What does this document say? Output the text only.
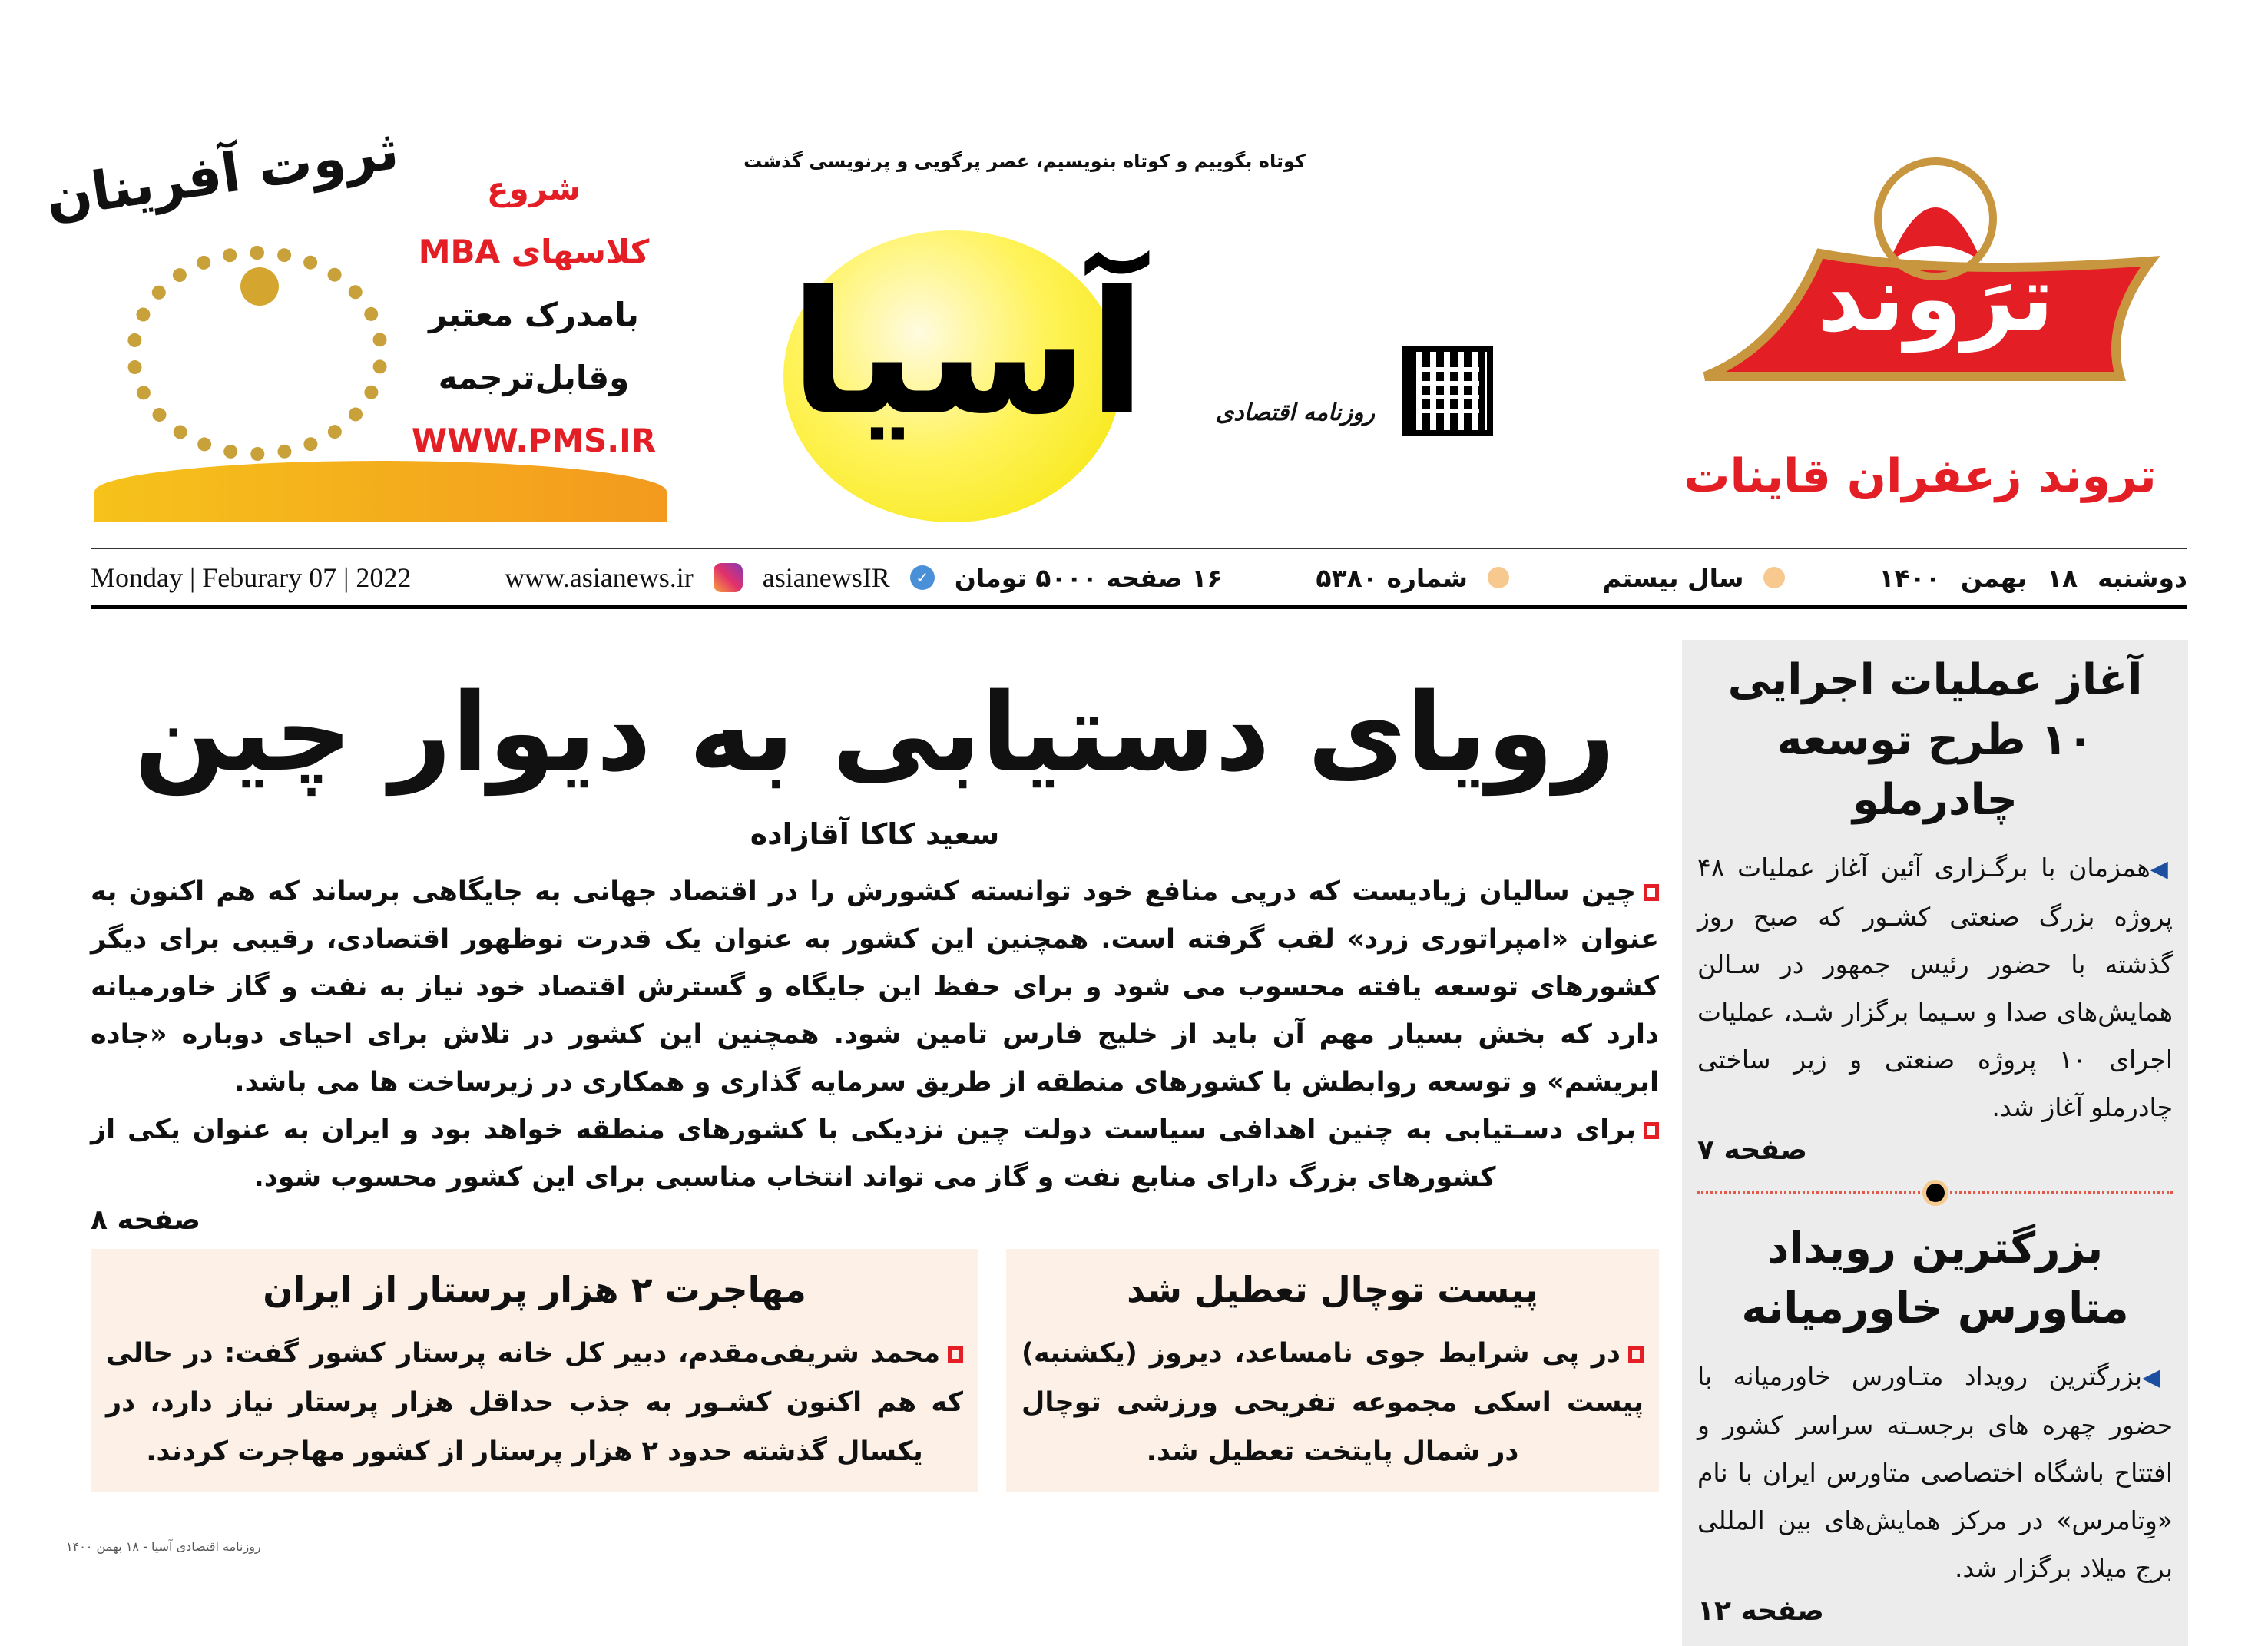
ترَوند
تروند زعفران قاینات
آسیا
کوتاه بگوییم و کوتاه بنویسیم، عصر پرگویی و پرنویسی گذشت
روزنامه اقتصادی
ثروت آفرینان	شروع
کلاسهای MBA
بامدرک معتبر
وقابل‌ترجمه
WWW.PMS.IR
دوشنبه
۱۸
بهمن
۱۴۰۰
سال بیستم
شماره ۵۳۸۰
۱۶ صفحه ۵۰۰۰ تومان
✓
asianewsIR
www.asianews.ir
Monday | Feburary 07 | 2022
آغاز عملیات اجرایی ۱۰ طرح توسعه چادرملو
◀همزمان با برگـزاری آئین آغاز عملیات ۴۸ پروژه بزرگ صنعتی کشـور که صبح روز گذشته با حضور رئیس جمهور در سـالن همایش‌های صدا و سـیما برگزار شـد، عملیات اجرای ۱۰ پروژه صنعتی و زیر ساختی چادرملو آغاز شد.
صفحه ۷
بزرگترین رویداد متاورس خاورمیانه
◀بزرگترین رویداد متـاورس خاورمیانه با حضور چهره های برجسـته سراسر کشور و افتتاح باشگاه اختصاصی متاورس ایران با نام «وِتامرس» در مرکز همایش‌های بین المللی برج میلاد برگزار شد.
صفحه ۱۲
رویای دستیابی به دیوار چین
سعید کاکا آقازاده

چین سالیان زیادیست که درپی منافع خود توانسته کشورش را در اقتصاد جهانی به جایگاهی برساند که هم اکنون به عنوان «امپراتوری زرد» لقب گرفته است. همچنین این کشور به عنوان یک قدرت نوظهور اقتصادی، رقیبی برای دیگر کشورهای توسعه یافته محسوب می شود و برای حفظ این جایگاه و گسترش اقتصاد خود نیاز به نفت و گاز خاورمیانه دارد که بخش بسیار مهم آن باید از خلیج فارس تامین شود. همچنین این کشور در تلاش برای احیای دوباره «جاده ابریشم» و توسعه روابطش با کشورهای منطقه از طریق سرمایه گذاری و همکاری در زیرساخت ها می باشد.

برای دسـتیابی به چنین اهدافی سیاست دولت چین نزدیکی با کشورهای منطقه خواهد بود و ایران به عنوان یکی از کشورهای بزرگ دارای منابع نفت و گاز می تواند انتخاب مناسبی برای این کشور محسوب شود.

صفحه ۸
مهاجرت ۲ هزار پرستار از ایران
محمد شریفی‌مقدم، دبیر کل خانه پرستار کشور گفت: در حالی که هم اکنون کشـور به جذب حداقل هزار پرستار نیاز دارد، در یکسال گذشته حدود ۲ هزار پرستار از کشور مهاجرت کردند.
پیست توچال تعطیل شد
در پی شرایط جوی نامساعد، دیروز (یکشنبه) پیست اسکی مجموعه تفریحی ورزشی توچال در شمال پایتخت تعطیل شد.
روزنامه اقتصادی آسیا - ۱۸ بهمن ۱۴۰۰
